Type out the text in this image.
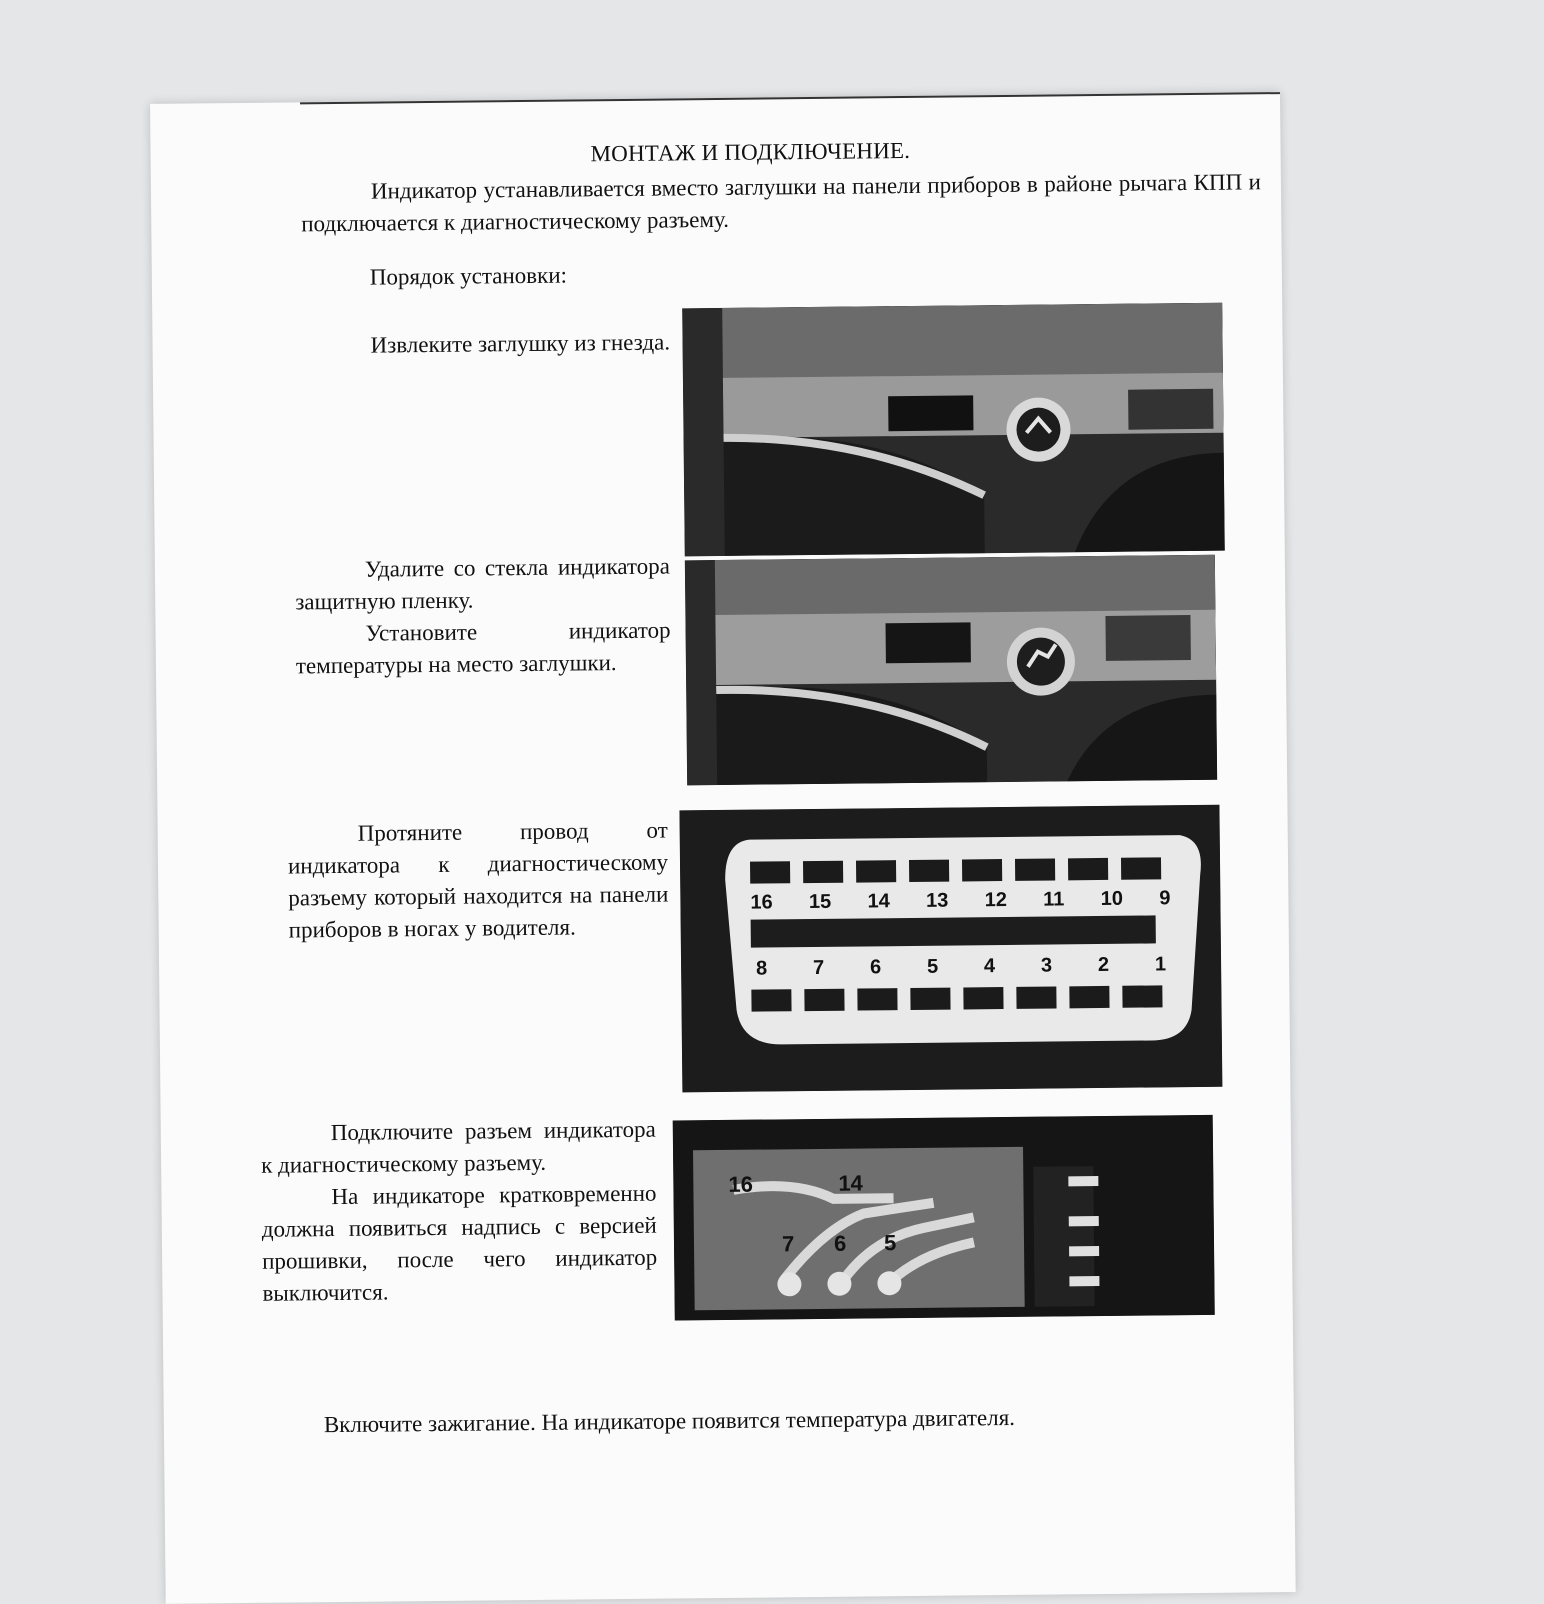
МОНТАЖ И ПОДКЛЮЧЕНИЕ.
Индикатор устанавливается вместо заглушки на панели приборов в районе рычага КПП и подключается к диагностическому разъему.
Порядок установки:

Извлеките заглушку из гнезда.

Удалите со стекла индикатора защитную пленку.

Установите индикатор температуры на место заглушки.

Протяните провод от индикатора к диагностическому разъему который находится на панели приборов в ногах у водителя.

16 15 14 13 12 11 10 9
8 7 6 5 4 3 2 1

Подключите разъем индикатора к диагностическому разъему.

На индикаторе кратковременно должна появиться надпись с версией прошивки, после чего индикатор выключится.

16	14
7 6 5
Включите зажигание. На индикаторе появится температура двигателя.
